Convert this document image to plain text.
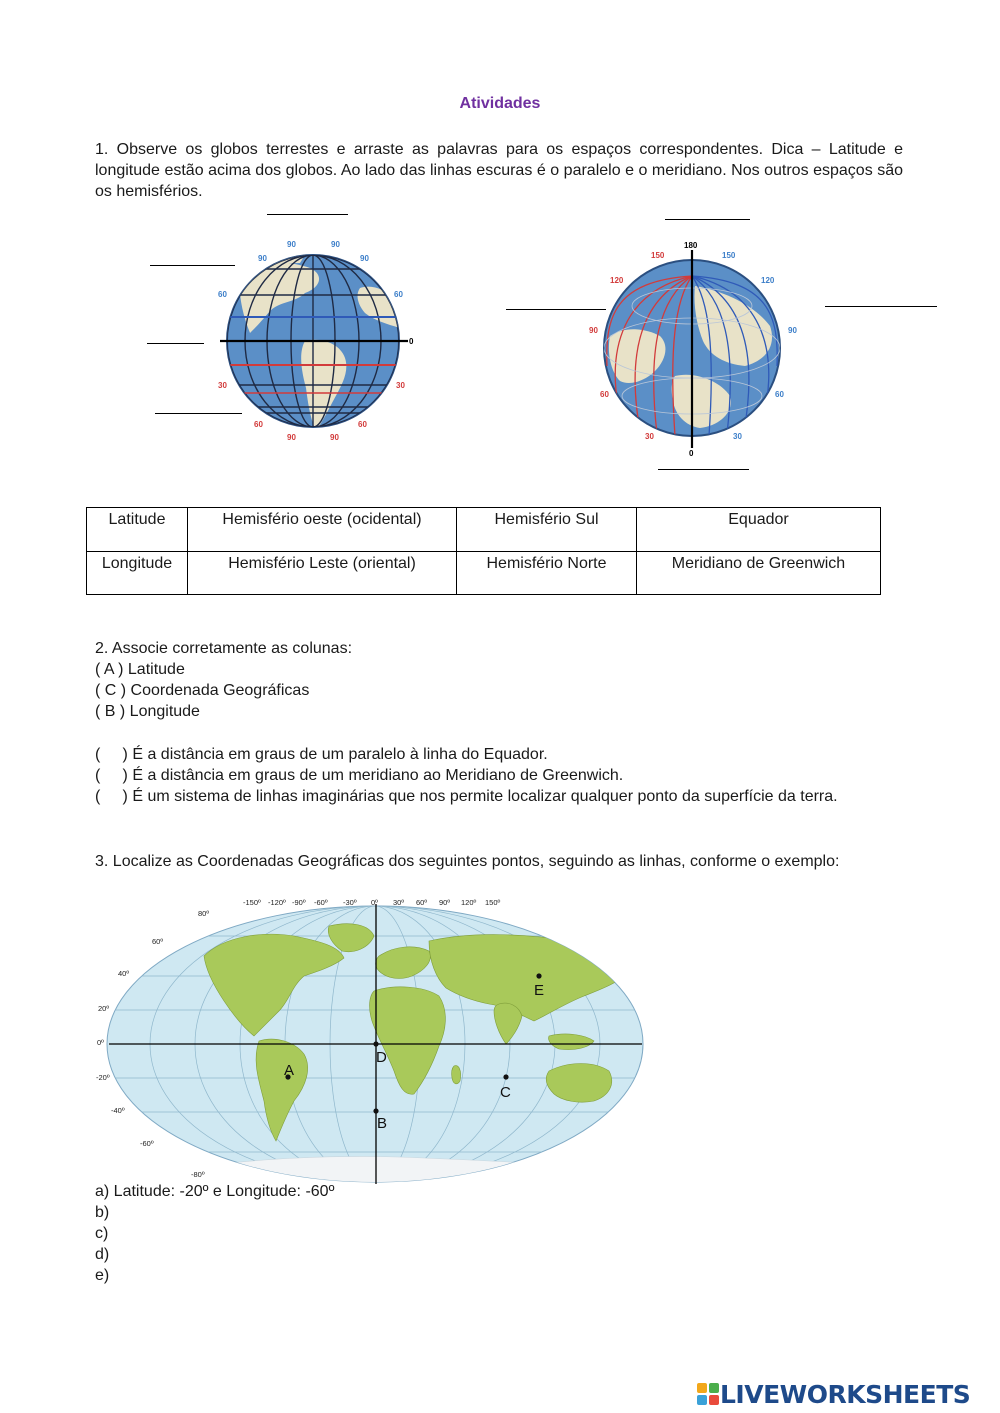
Atividades
1. Observe os globos terrestes e arraste as palavras para os espaços correspondentes. Dica – Latitude e longitude estão acima dos globos. Ao lado das linhas escuras é o paralelo e o meridiano. Nos outros espaços são os hemisférios.
90
90	90
90
60	60
30	30
60
90	90
60
0
180
150
120
90
60
30
150
120
90
60
30
0
Latitude	Hemisfério oeste (ocidental)	Hemisfério Sul	Equador
Longitude	Hemisfério Leste (oriental)	Hemisfério Norte	Meridiano de Greenwich
2. Associe corretamente as colunas:
( A ) Latitude
( C ) Coordenada Geográficas
( B ) Longitude
(     ) É a distância em graus de um paralelo à linha do Equador.
(     ) É a distância em graus de um meridiano ao Meridiano de Greenwich.
(     ) É um sistema de linhas imaginárias que nos permite localizar qualquer ponto da superfície da terra.
3. Localize as Coordenadas Geográficas dos seguintes pontos, seguindo as linhas, conforme o exemplo:
-150º -120º -90º -60º -30º 0º 30º 60º 90º 120º 150º
80º
60º
40º
20º
0º
-20º
-40º
-60º
-80º
A
B
C
D
E
a) Latitude: -20º e Longitude: -60º
b)
c)
d)
e)
LIVEWORKSHEETS
